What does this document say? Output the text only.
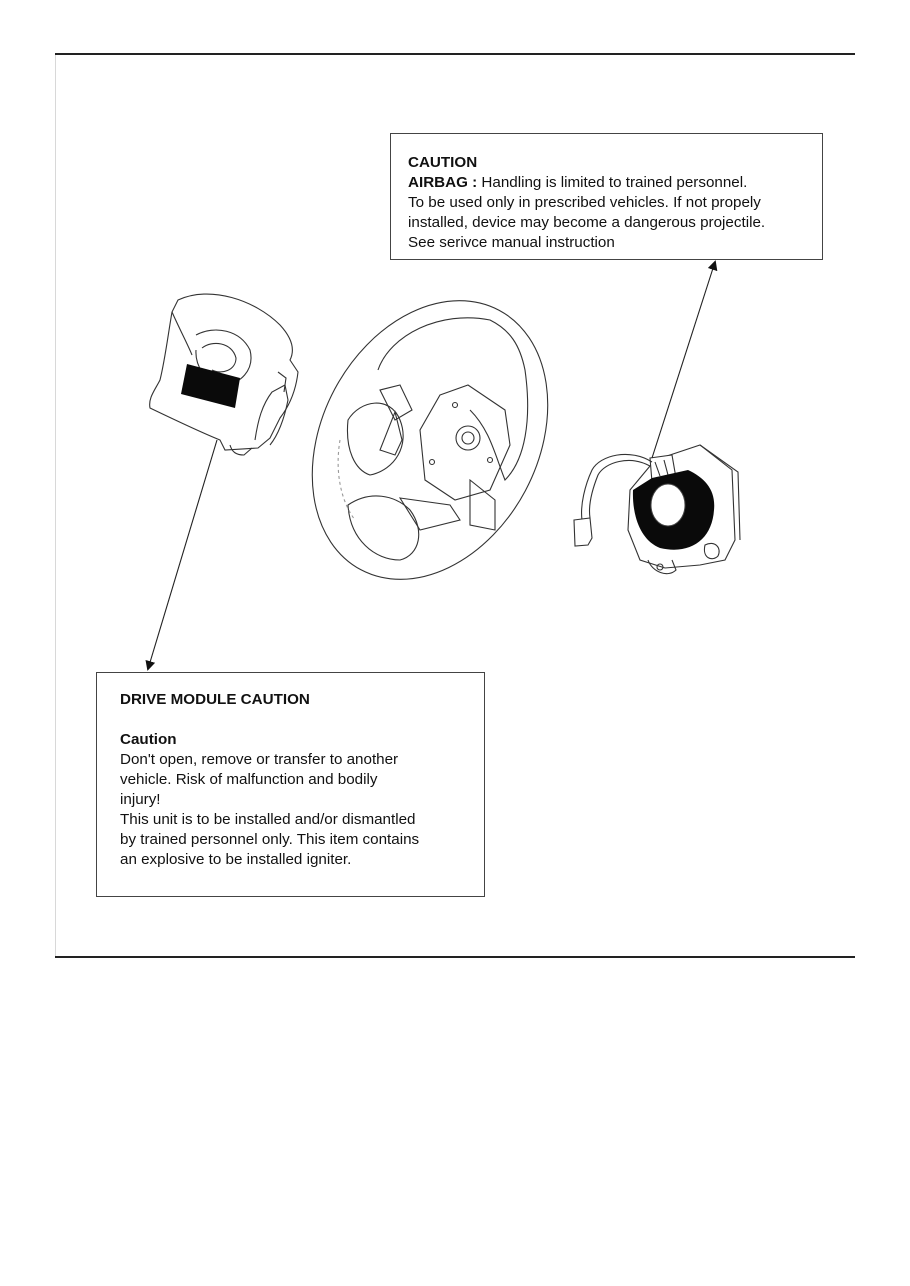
CAUTION
AIRBAG : Handling is limited to trained personnel.
To be used only in prescribed vehicles. If not propely
installed, device may become a dangerous projectile.
See serivce manual instruction
DRIVE MODULE CAUTION
Caution
Don't open, remove or transfer to another
vehicle. Risk of malfunction and bodily
injury!
This unit is to be installed and/or dismantled
by trained personnel only. This item contains
an explosive to be installed igniter.
